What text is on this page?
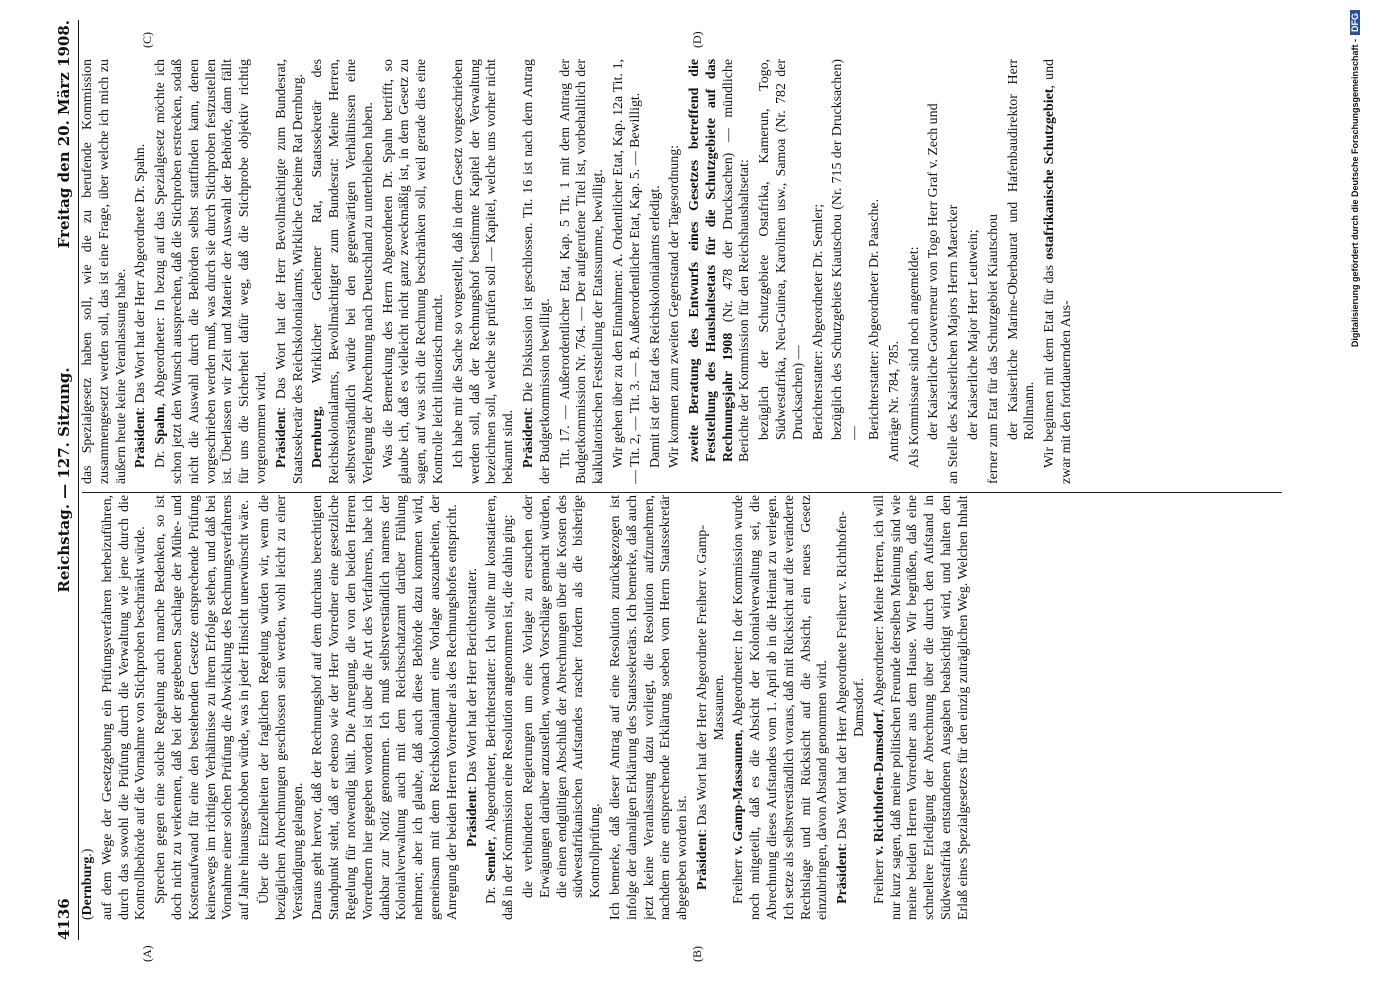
4136
Reichstag. — 127. Sitzung.
Freitag den 20. März 1908.
(A)	(B)
(C)	(D)

(Dernburg.) auf dem Wege der Gesetzgebung ein Prüfungsverfahren herbeizuführen, durch das sowohl die Prüfung durch die Verwaltung wie jene durch die Kontrollbehörde auf die Vornahme von Stichproben beschränkt würde. Sprechen gegen eine solche Regelung auch manche Bedenken, so ist doch nicht zu verkennen, daß bei der gegebenen Sachlage der Mühe- und Kostenaufwand für eine den bestehenden Gesetze entsprechende Prüfung keineswegs im richtigen Verhältnisse zu ihrem Erfolge stehen, und daß bei Vornahme einer solchen Prüfung die Abwicklung des Rechnungsverfahrens auf Jahre hinausgeschoben würde, was in jeder Hinsicht unerwünscht wäre. Über die Einzelheiten der fraglichen Regelung würden wir, wenn die bezüglichen Abrechnungen geschlossen sein werden, wohl leicht zu einer Verständigung gelangen. Daraus geht hervor, daß der Rechnungshof auf dem durchaus berechtigten Standpunkt steht, daß er ebenso wie der Herr Vorredner eine gesetzliche Regelung für notwendig hält. Die Anregung, die von den beiden Herren Vorrednern hier gegeben worden ist über die Art des Verfahrens, habe ich dankbar zur Notiz genommen. Ich muß selbstverständlich namens der Kolonialverwaltung auch mit dem Reichsschatzamt darüber Fühlung nehmen; aber ich glaube, daß auch diese Behörde dazu kommen wird, gemeinsam mit dem Reichskolonialamt eine Vorlage auszuarbeiten, der Anregung der beiden Herren Vorredner als des Rechnungshofes entspricht. Präsident: Das Wort hat der Herr Berichterstatter.

Dr. Semler, Abgeordneter, Berichterstatter: Ich wollte nur konstatieren, daß in der Kommission eine Resolution angenommen ist, die dahin ging: die verbündeten Regierungen um eine Vorlage zu ersuchen oder Erwägungen darüber anzustellen, wonach Vorschläge gemacht würden, die einen endgültigen Abschluß der Abrechnungen über die Kosten des südwestafrikanischen Aufstandes rascher fordern als die bisherige Kontrollprüfung. Ich bemerke, daß dieser Antrag auf eine Resolution zurückgezogen ist infolge der damaligen Erklärung des Staatssekretärs. Ich bemerke, daß auch jetzt keine Veranlassung dazu vorliegt, die Resolution aufzunehmen, nachdem eine entsprechende Erklärung soeben vom Herrn Staatssekretär abgegeben worden ist. Präsident: Das Wort hat der Herr Abgeordnete Freiherr v. Gamp-Massaunen.

Freiherr v. Gamp-Massaunen, Abgeordneter: In der Kommission wurde noch mitgeteilt, daß es die Absicht der Kolonialverwaltung sei, die Abrechnung dieses Aufstandes vom 1. April ab in die Heimat zu verlegen. Ich setze als selbstverständlich voraus, daß mit Rücksicht auf die veränderte Rechtslage und mit Rücksicht auf die Absicht, ein neues Gesetz einzubringen, davon Abstand genommen wird. Präsident: Das Wort hat der Herr Abgeordnete Freiherr v. Richthofen-Damsdorf.

Freiherr v. Richthofen-Damsdorf, Abgeordneter: Meine Herren, ich will nur kurz sagen, daß meine politischen Freunde derselben Meinung sind wie meine beiden Herren Vorredner aus dem Hause. Wir begrüßen, daß eine schnellere Erledigung der Abrechnung über die durch den Aufstand in Südwestafrika entstandenen Ausgaben beabsichtigt wird, und halten den Erlaß eines Spezialgesetzes für den einzig zuträglichen Weg. Welchen Inhalt

das Spezialgesetz haben soll, wie die zu berufende Kommission zusammengesetzt werden soll, das ist eine Frage, über welche ich mich zu äußern heute keine Veranlassung habe. Präsident: Das Wort hat der Herr Abgeordnete Dr. Spahn.

Dr. Spahn, Abgeordneter: In bezug auf das Spezialgesetz möchte ich schon jetzt den Wunsch aussprechen, daß die Stichproben erstrecken, sodaß nicht die Auswahl durch die Behörden selbst stattfinden kann, denen vorgeschrieben werden muß, was durch sie durch Stichproben festzustellen ist. Überlassen wir Zeit und Materie der Auswahl der Behörde, dann fällt für uns die Sicherheit dafür weg, daß die Stichprobe objektiv richtig vorgenommen wird. Präsident: Das Wort hat der Herr Bevollmächtigte zum Bundesrat, Staatssekretär des Reichskolonialamts, Wirkliche Geheime Rat Dernburg. Dernburg, Wirklicher Geheimer Rat, Staatssekretär des Reichskolonialamts, Bevollmächtigter zum Bundesrat: Meine Herren, selbstverständlich würde bei den gegenwärtigen Verhältnissen eine Verlegung der Abrechnung nach Deutschland zu unterbleiben haben. Was die Bemerkung des Herrn Abgeordneten Dr. Spahn betrifft, so glaube ich, daß es vielleicht nicht ganz zweckmäßig ist, in dem Gesetz zu sagen, auf was sich die Rechnung beschränken soll, weil gerade dies eine Kontrolle leicht illusorisch macht. Ich habe mir die Sache so vorgestellt, daß in dem Gesetz vorgeschrieben werden soll, daß der Rechnungshof bestimmte Kapitel der Verwaltung bezeichnen soll, welche sie prüfen soll — Kapitel, welche uns vorher nicht bekannt sind. Präsident: Die Diskussion ist geschlossen. Tit. 16 ist nach dem Antrag der Budgetkommission bewilligt. Tit. 17. — Außerordentlicher Etat, Kap. 5 Tit. 1 mit dem Antrag der Budgetkommission Nr. 764. — Der aufgerufene Titel ist, vorbehaltlich der kalkulatorischen Feststellung der Etatssumme, bewilligt. Wir gehen über zu den Einnahmen: A. Ordentlicher Etat, Kap. 12a Tit. 1, — Tit. 2, — Tit. 3. — B. Außerordentlicher Etat, Kap. 5. — Bewilligt. Damit ist der Etat des Reichskolonialamts erledigt. Wir kommen zum zweiten Gegenstand der Tagesordnung: zweite Beratung des Entwurfs eines Gesetzes betreffend die Feststellung des Haushaltsetats für die Schutzgebiete auf das Rechnungsjahr 1908 (Nr. 478 der Drucksachen) — mündliche Berichte der Kommission für den Reichshaushaltsetat: bezüglich der Schutzgebiete Ostafrika, Kamerun, Togo, Südwestafrika, Neu-Guinea, Karolinen usw., Samoa (Nr. 782 der Drucksachen) — Berichterstatter: Abgeordneter Dr. Semler; bezüglich des Schutzgebiets Kiautschou (Nr. 715 der Drucksachen) — Berichterstatter: Abgeordneter Dr. Paasche. Anträge Nr. 784, 785. Als Kommissare sind noch angemeldet: der Kaiserliche Gouverneur von Togo Herr Graf v. Zech und an Stelle des Kaiserlichen Majors Herrn Maercker der Kaiserliche Major Herr Leutwein; ferner zum Etat für das Schutzgebiet Kiautschou der Kaiserliche Marine-Oberbaurat und Hafenbaudirektor Herr Rollmann. Wir beginnen mit dem Etat für das ostafrikanische Schutzgebiet, und zwar mit den fortdauernden Aus-

Digitalisierung gefördert durch die Deutsche Forschungsgemeinschaft -DFG
